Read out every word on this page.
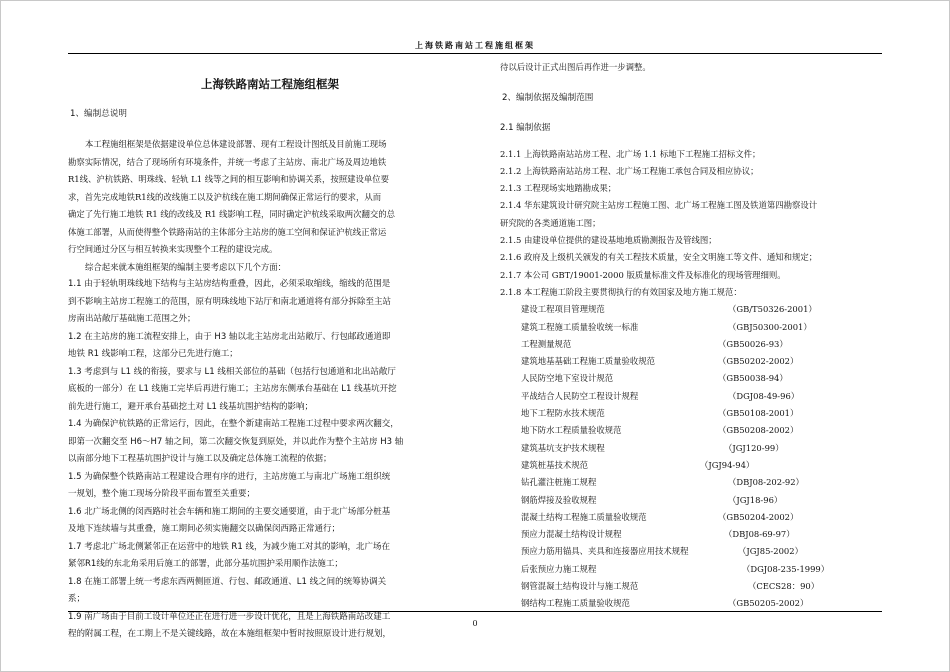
上海铁路南站工程施组框架
上海铁路南站工程施组框架
1、编制总说明
本工程施组框架是依据建设单位总体建设部署、现有工程设计图纸及目前施工现场
勘察实际情况，结合了现场所有环境条件，并统一考虑了主站房、南北广场及周边地铁
R1线、沪杭铁路、明珠线、轻轨 L1 线等之间的相互影响和协调关系，按照建设单位要
求，首先完成地铁R1线的改线施工以及沪杭线在施工期间确保正常运行的要求，从而
确定了先行施工地铁 R1 线的改线及 R1 线影响工程，同时确定沪杭线采取两次翻交的总
体施工部署，从而使得整个铁路南站的主体部分主站房的施工空间和保证沪杭线正常运
行空间通过分区与相互转换来实现整个工程的建设完成。
综合起来就本施组框架的编制主要考虑以下几个方面：
1.1 由于轻轨明珠线地下结构与主站房结构重叠，因此，必须采取缩线，缩线的范围是
到不影响主站房工程施工的范围，原有明珠线地下站厅和南北通道将有部分拆除至主站
房南出站敞厅基础施工范围之外；
1.2 在主站房的施工流程安排上，由于 H3 轴以北主站房北出站敞厅、行包邮政通道即
地铁 R1 线影响工程，这部分已先进行施工；
1.3 考虑到与 L1 线的衔接，要求与 L1 线相关部位的基础（包括行包通道和北出站敞厅
底板的一部分）在 L1 线施工完毕后再进行施工；主站房东侧承台基础在 L1 线基坑开挖
前先进行施工，避开承台基础挖土对 L1 线基坑围护结构的影响；
1.4 为确保沪杭铁路的正常运行，因此，在整个新建南站工程施工过程中要求两次翻交，
即第一次翻交至 H6～H7 轴之间，第二次翻交恢复到原处，并以此作为整个主站房 H3 轴
以南部分地下工程基坑围护设计与施工以及确定总体施工流程的依据；
1.5 为确保整个铁路南站工程建设合理有序的进行，主站房施工与南北广场施工组织统
一规划，整个施工现场分阶段平面布置至关重要；
1.6 北广场北侧的闵西路时社会车辆和施工期间的主要交通要道，由于北广场部分桩基
及地下连续墙与其重叠，施工期间必须实施翻交以确保闵西路正常通行；
1.7 考虑北广场北侧紧邻正在运营中的地铁 R1 线，为减少施工对其的影响，北广场在
紧邻R1线的东北角采用后施工的部署，此部分基坑围护采用顺作法施工；
1.8 在施工部署上统一考虑东西两侧匝道、行包、邮政通道、L1 线之间的统筹协调关
系；
1.9 南广场由于目前工设计单位还正在进行进一步设计优化，且是上海铁路南站改建工
程的附属工程，在工期上不是关键线路，故在本施组框架中暂时按照原设计进行规划，
待以后设计正式出图后再作进一步调整。
2、编制依据及编制范围
2.1 编制依据
2.1.1 上海铁路南站站房工程、北广场 1.1 标地下工程施工招标文件；
2.1.2 上海铁路南站站房工程、北广场工程施工承包合同及相应协议；
2.1.3 工程现场实地踏勘成果；
2.1.4 华东建筑设计研究院主站房工程施工图、北广场工程施工图及铁道第四勘察设计
研究院的各类通道施工图；
2.1.5 由建设单位提供的建设基地地质勘测报告及管线图；
2.1.6 政府及上级机关颁发的有关工程技术质量，安全文明施工等文件、通知和规定；
2.1.7 本公司 GBT/19001-2000 版质量标准文件及标准化的现场管理细则。
2.1.8 本工程施工阶段主要贯彻执行的有效国家及地方施工规范：
建设工程项目管理规范	（GB/T50326-2001）
建筑工程施工质量验收统一标准	（GBJ50300-2001）
工程测量规范	（GB50026-93）
建筑地基基础工程施工质量验收规范	（GB50202-2002）
人民防空地下室设计规范	（GB50038-94）
平战结合人民防空工程设计规程	（DGJ08-49-96）
地下工程防水技术规范	（GB50108-2001）
地下防水工程质量验收规范	（GB50208-2002）
建筑基坑支护技术规程	（JGJ120-99）
建筑桩基技术规范	（JGJ94-94）
钻孔灌注桩施工规程	（DBJ08-202-92）
钢筋焊接及验收规程	（JGJ18-96）
混凝土结构工程施工质量验收规范	（GB50204-2002）
预应力混凝土结构设计规程	（DBJ08-69-97）
预应力筋用锚具、夹具和连接器应用技术规程	（JGJ85-2002）
后张预应力施工规程	（DGJ08-235-1999）
钢管混凝土结构设计与施工规范	（CECS28：90）
钢结构工程施工质量验收规范	（GB50205-2002）
0
